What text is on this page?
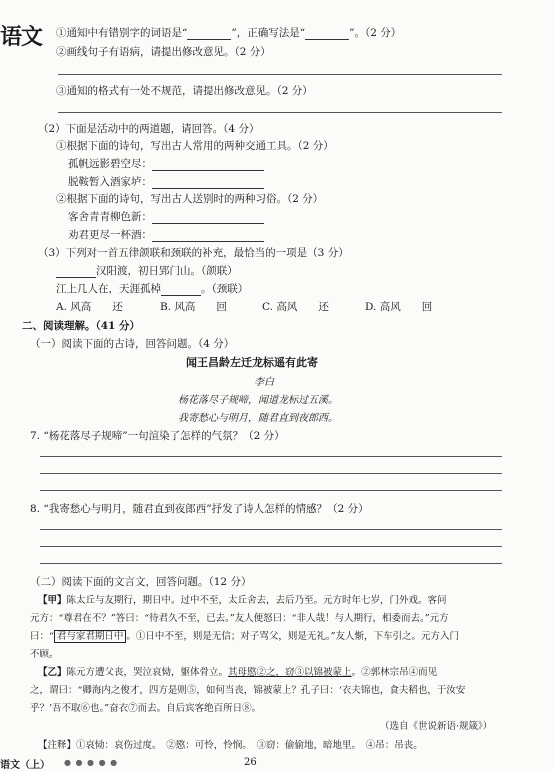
语文 ①通知中有错别字的词语是“	”，正确写法是“	”。（2 分）
②画线句子有语病，请提出修改意见。（2 分）
③通知的格式有一处不规范，请提出修改意见。（2 分）
（2）下面是活动中的两道题，请回答。（4 分）
①根据下面的诗句，写出古人常用的两种交通工具。（2 分）
孤帆远影碧空尽：
脱鞍暂入酒家垆：
②根据下面的诗句，写出古人送别时的两种习俗。（2 分）
客舍青青柳色新：
劝君更尽一杯酒：
（3）下列对一首五律颌联和颈联的补充，最恰当的一项是（3 分）
汉阳渡，初日郢门山。（颌联）
江上几人在，天涯孤棹	。（颈联）
A. 风高　　还	B. 风高　　回	C. 高风　　还	D. 高风　　回
二、阅读理解。（41 分）
（一）阅读下面的古诗，回答问题。（4 分）
闻王昌龄左迁龙标遥有此寄
李白
杨花落尽子规啼，闻道龙标过五溪。
我寄愁心与明月，随君直到夜郎西。
7. “杨花落尽子规啼”一句渲染了怎样的气氛？（2 分）
8. “我寄愁心与明月，随君直到夜郎西”抒发了诗人怎样的情感？（2 分）
（二）阅读下面的文言文，回答问题。（12 分）
【甲】陈太丘与友期行，期日中。过中不至，太丘舍去，去后乃至。元方时年七岁，门外戏。客问
元方：“尊君在不？”答曰：“待君久不至，已去。”友人便怒曰：“非人哉！与人期行，相委而去。”元方
曰：“ 君与家君期日中 。①日中不至，则是无信；对子骂父，则是无礼。”友人惭，下车引之。元方入门
不顾。
【乙】陈元方遭父丧，哭泣哀恸，躯体骨立。其母愍②之，窃③以锦被蒙上。②郭林宗吊④而见
之，谓曰：“卿海内之俊才，四方是则⑤，如何当丧，锦被蒙上？孔子曰：‘衣夫锦也，食夫稻也，于汝安
乎？’吾不取⑥也。”奋衣⑦而去。自后宾客绝百所日⑧。
（选自《世说新语·规箴》）
【注释】①哀恸：哀伤过度。　②愍：可怜，怜悯。　③窃：偷偷地，暗地里。　④吊：吊丧。
语文（上） ● ● ● ● ●	26
